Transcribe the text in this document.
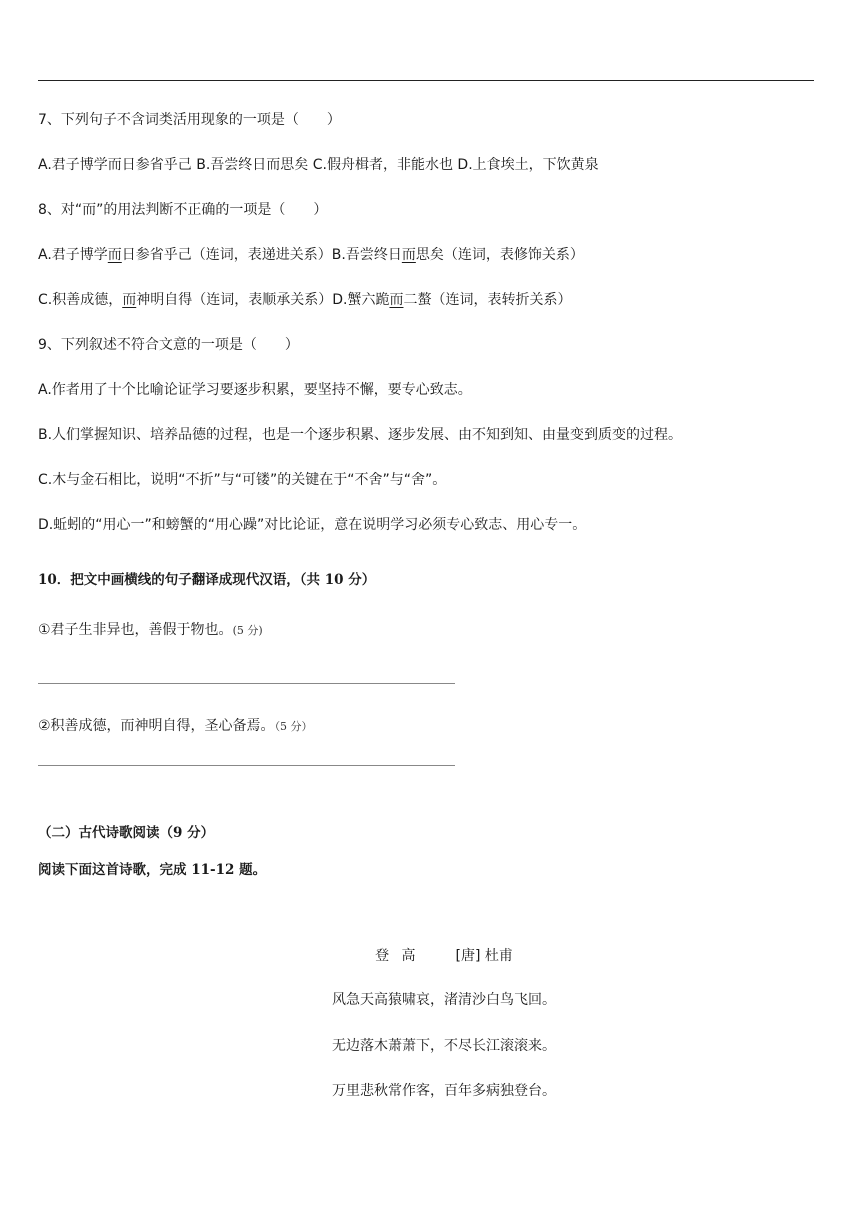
7、下列句子不含词类活用现象的一项是（　　）
A.君子博学而日参省乎己 B.吾尝终日而思矣 C.假舟楫者，非能水也 D.上食埃土，下饮黄泉
8、对“而”的用法判断不正确的一项是（　　）
A.君子博学而日参省乎己（连词，表递进关系）B.吾尝终日而思矣（连词，表修饰关系）
C.积善成德，而神明自得（连词，表顺承关系）D.蟹六跪而二螯（连词，表转折关系）
9、下列叙述不符合文意的一项是（　　）
A.作者用了十个比喻论证学习要逐步积累，要坚持不懈，要专心致志。
B.人们掌握知识、培养品德的过程，也是一个逐步积累、逐步发展、由不知到知、由量变到质变的过程。
C.木与金石相比，说明“不折”与“可镂”的关键在于“不舍”与“舍”。
D.蚯蚓的“用心一”和螃蟹的“用心躁”对比论证，意在说明学习必须专心致志、用心专一。
10．把文中画横线的句子翻译成现代汉语，（共 10 分）
①君子生非异也，善假于物也。(5 分)
②积善成德，而神明自得，圣心备焉。（5 分）
（二）古代诗歌阅读（9 分）
阅读下面这首诗歌，完成 11-12 题。
登 高	[唐] 杜甫
风急天高猿啸哀，渚清沙白鸟飞回。
无边落木萧萧下，不尽长江滚滚来。
万里悲秋常作客，百年多病独登台。
